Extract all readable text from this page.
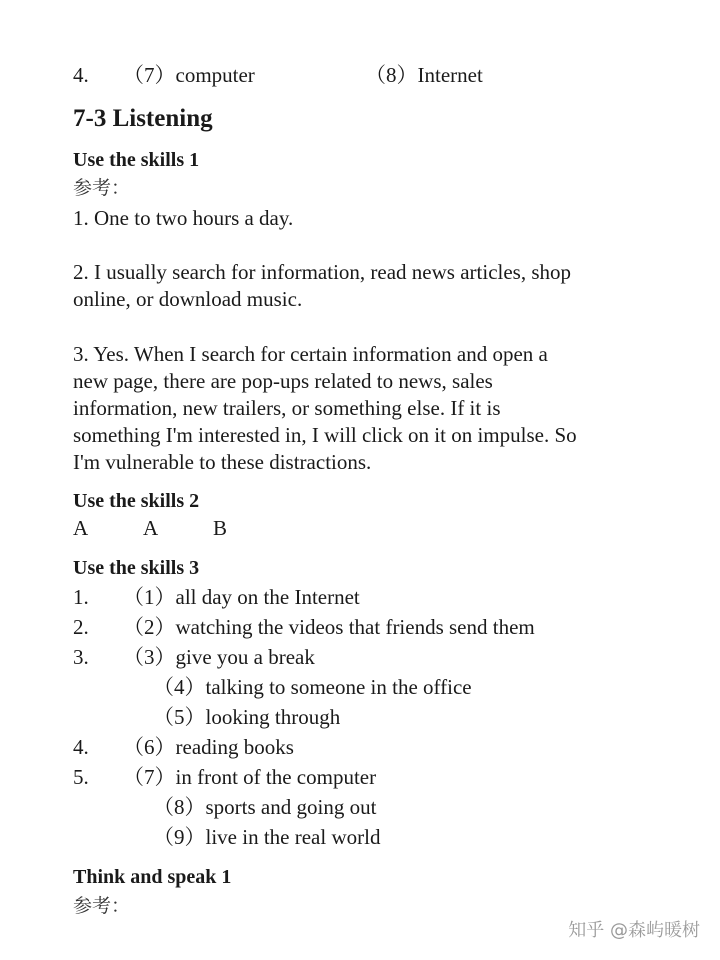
4. （7）computer	（8）Internet
7-3 Listening
Use the skills 1
参考：
1. One to two hours a day.
2. I usually search for information, read news articles, shop
online, or download music.
3. Yes. When I search for certain information and open a
new page, there are pop-ups related to news, sales
information, new trailers, or something else. If it is
something I'm interested in, I will click on it on impulse. So
I'm vulnerable to these distractions.
Use the skills 2
A	A	B
Use the skills 3
1. （1）all day on the Internet
2. （2）watching the videos that friends send them
3. （3）give you a break
（4）talking to someone in the office
（5）looking through
4. （6）reading books
5. （7）in front of the computer
（8）sports and going out
（9）live in the real world
Think and speak 1
参考：
知乎 @森屿暖树
